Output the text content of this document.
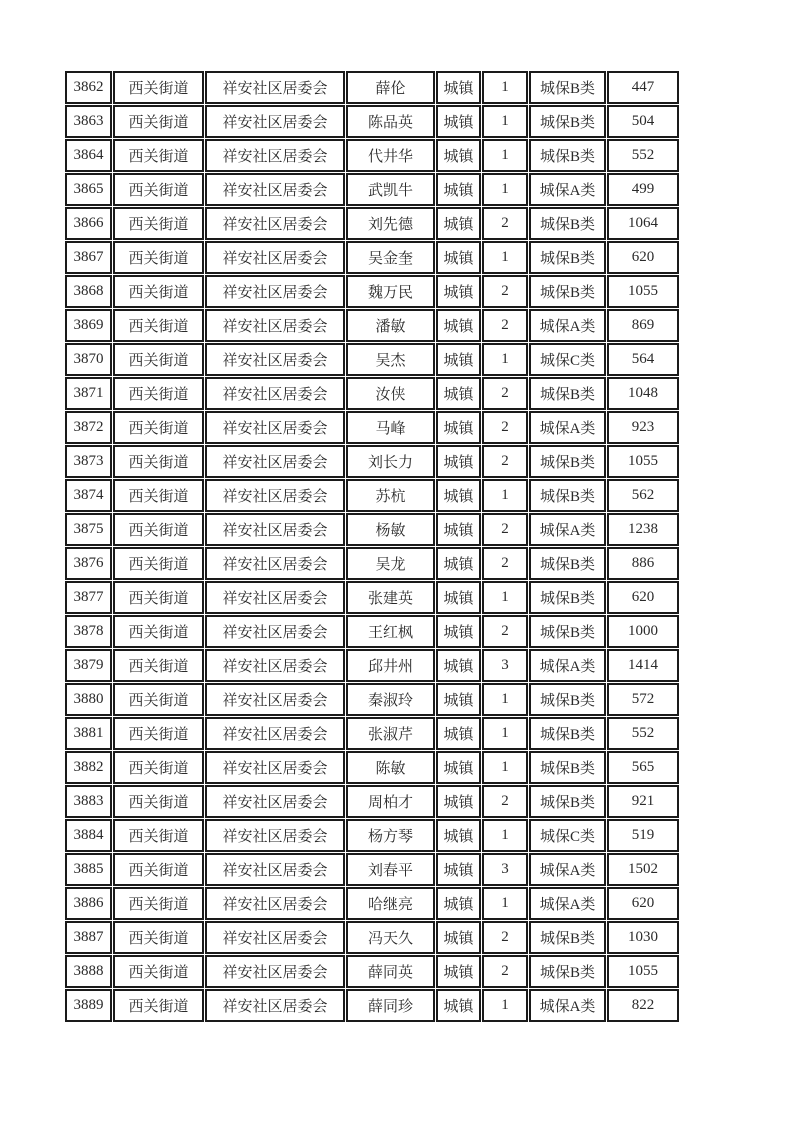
3862	西关街道	祥安社区居委会	薛伦	城镇	1	城保B类	447
3863	西关街道	祥安社区居委会	陈品英	城镇	1	城保B类	504
3864	西关街道	祥安社区居委会	代井华	城镇	1	城保B类	552
3865	西关街道	祥安社区居委会	武凯牛	城镇	1	城保A类	499
3866	西关街道	祥安社区居委会	刘先德	城镇	2	城保B类	1064
3867	西关街道	祥安社区居委会	吴金奎	城镇	1	城保B类	620
3868	西关街道	祥安社区居委会	魏万民	城镇	2	城保B类	1055
3869	西关街道	祥安社区居委会	潘敏	城镇	2	城保A类	869
3870	西关街道	祥安社区居委会	吴杰	城镇	1	城保C类	564
3871	西关街道	祥安社区居委会	汝侠	城镇	2	城保B类	1048
3872	西关街道	祥安社区居委会	马峰	城镇	2	城保A类	923
3873	西关街道	祥安社区居委会	刘长力	城镇	2	城保B类	1055
3874	西关街道	祥安社区居委会	苏杭	城镇	1	城保B类	562
3875	西关街道	祥安社区居委会	杨敏	城镇	2	城保A类	1238
3876	西关街道	祥安社区居委会	吴龙	城镇	2	城保B类	886
3877	西关街道	祥安社区居委会	张建英	城镇	1	城保B类	620
3878	西关街道	祥安社区居委会	王红枫	城镇	2	城保B类	1000
3879	西关街道	祥安社区居委会	邱井州	城镇	3	城保A类	1414
3880	西关街道	祥安社区居委会	秦淑玲	城镇	1	城保B类	572
3881	西关街道	祥安社区居委会	张淑芹	城镇	1	城保B类	552
3882	西关街道	祥安社区居委会	陈敏	城镇	1	城保B类	565
3883	西关街道	祥安社区居委会	周柏才	城镇	2	城保B类	921
3884	西关街道	祥安社区居委会	杨方琴	城镇	1	城保C类	519
3885	西关街道	祥安社区居委会	刘春平	城镇	3	城保A类	1502
3886	西关街道	祥安社区居委会	哈继亮	城镇	1	城保A类	620
3887	西关街道	祥安社区居委会	冯天久	城镇	2	城保B类	1030
3888	西关街道	祥安社区居委会	薛同英	城镇	2	城保B类	1055
3889	西关街道	祥安社区居委会	薛同珍	城镇	1	城保A类	822
